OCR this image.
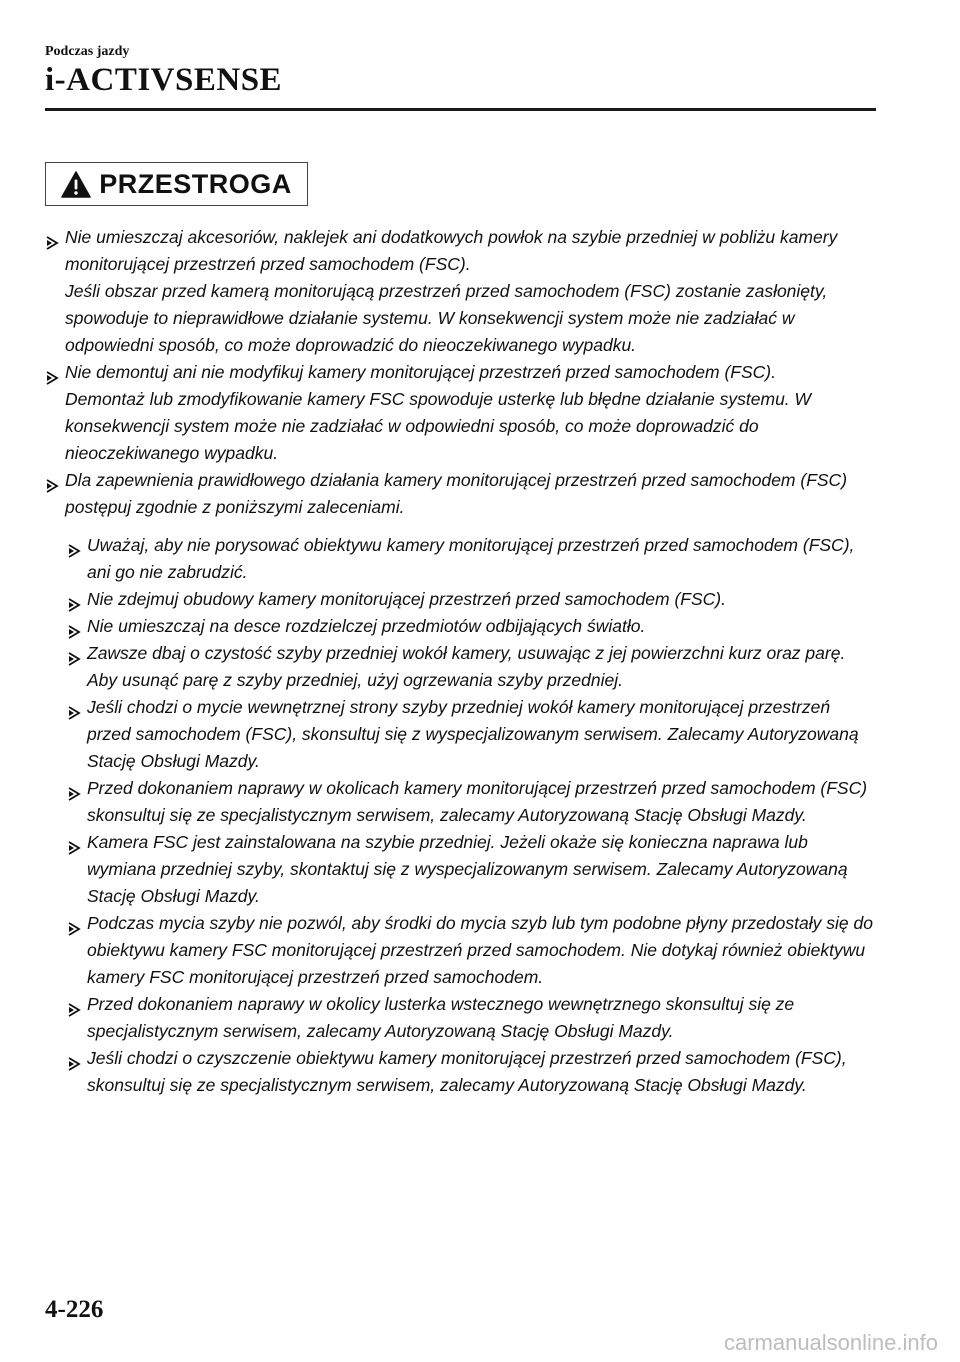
Podczas jazdy
i-ACTIVSENSE
PRZESTROGA

Nie umieszczaj akcesoriów, naklejek ani dodatkowych powłok na szybie przedniej w pobliżu kamery monitorującej przestrzeń przed samochodem (FSC).

Jeśli obszar przed kamerą monitorującą przestrzeń przed samochodem (FSC) zostanie zasłonięty, spowoduje to nieprawidłowe działanie systemu. W konsekwencji system może nie zadziałać w odpowiedni sposób, co może doprowadzić do nieoczekiwanego wypadku.

Nie demontuj ani nie modyfikuj kamery monitorującej przestrzeń przed samochodem (FSC).

Demontaż lub zmodyfikowanie kamery FSC spowoduje usterkę lub błędne działanie systemu. W konsekwencji system może nie zadziałać w odpowiedni sposób, co może doprowadzić do nieoczekiwanego wypadku.

Dla zapewnienia prawidłowego działania kamery monitorującej przestrzeń przed samochodem (FSC) postępuj zgodnie z poniższymi zaleceniami.

Uważaj, aby nie porysować obiektywu kamery monitorującej przestrzeń przed samochodem (FSC), ani go nie zabrudzić.

Nie zdejmuj obudowy kamery monitorującej przestrzeń przed samochodem (FSC).

Nie umieszczaj na desce rozdzielczej przedmiotów odbijających światło.

Zawsze dbaj o czystość szyby przedniej wokół kamery, usuwając z jej powierzchni kurz oraz parę. Aby usunąć parę z szyby przedniej, użyj ogrzewania szyby przedniej.

Jeśli chodzi o mycie wewnętrznej strony szyby przedniej wokół kamery monitorującej przestrzeń przed samochodem (FSC), skonsultuj się z wyspecjalizowanym serwisem. Zalecamy Autoryzowaną Stację Obsługi Mazdy.

Przed dokonaniem naprawy w okolicach kamery monitorującej przestrzeń przed samochodem (FSC) skonsultuj się ze specjalistycznym serwisem, zalecamy Autoryzowaną Stację Obsługi Mazdy.

Kamera FSC jest zainstalowana na szybie przedniej. Jeżeli okaże się konieczna naprawa lub wymiana przedniej szyby, skontaktuj się z wyspecjalizowanym serwisem. Zalecamy Autoryzowaną Stację Obsługi Mazdy.

Podczas mycia szyby nie pozwól, aby środki do mycia szyb lub tym podobne płyny przedostały się do obiektywu kamery FSC monitorującej przestrzeń przed samochodem. Nie dotykaj również obiektywu kamery FSC monitorującej przestrzeń przed samochodem.

Przed dokonaniem naprawy w okolicy lusterka wstecznego wewnętrznego skonsultuj się ze specjalistycznym serwisem, zalecamy Autoryzowaną Stację Obsługi Mazdy.

Jeśli chodzi o czyszczenie obiektywu kamery monitorującej przestrzeń przed samochodem (FSC), skonsultuj się ze specjalistycznym serwisem, zalecamy Autoryzowaną Stację Obsługi Mazdy.

4-226
carmanualsonline.info
